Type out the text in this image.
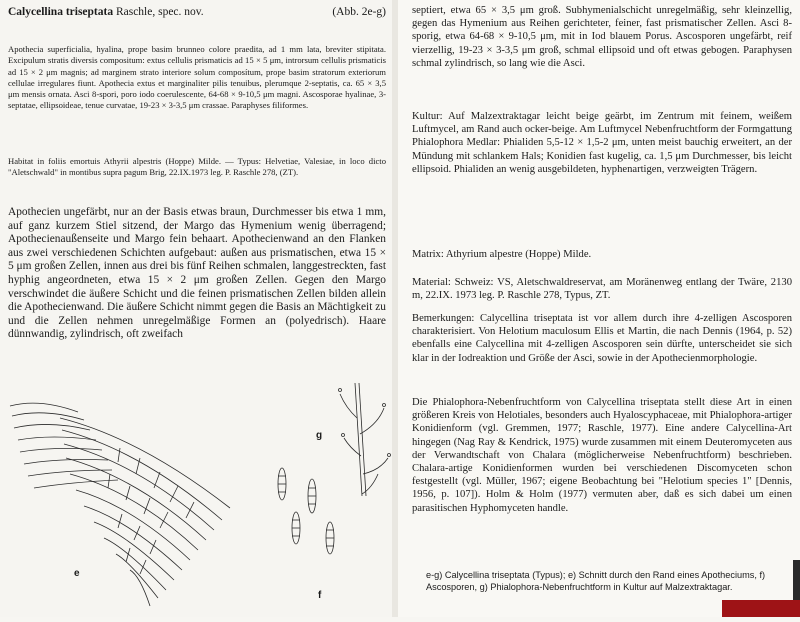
Calycellina triseptata Raschle, spec. nov.	(Abb. 2e-g)
Apothecia superficialia, hyalina, prope basim brunneo colore praedita, ad 1 mm lata, breviter stipitata. Excipulum stratis diversis compositum: extus cellulis prismaticis ad 15 × 5 μm, introrsum cellulis prismaticis ad 15 × 2 μm magnis; ad marginem strato interiore solum composítum, prope basim stratorum exteriorum cellulae irregulares fiunt. Apothecia extus et marginaliter pilis tenuibus, plerumque 2-septatis, ca. 65 × 3,5 μm mensis ornata. Asci 8-spori, poro iodo coerulescente, 64-68 × 9-10,5 μm magni. Ascosporae hyalinae, 3-septatae, ellipsoideae, tenue curvatae, 19-23 × 3-3,5 μm crassae. Paraphyses filiformes.
Habitat in foliis emortuis Athyrii alpestris (Hoppe) Milde. — Typus: Helvetiae, Valesiae, in loco dicto "Aletschwald" in montibus supra pagum Brig, 22.IX.1973 leg. P. Raschle 278, (ZT).
Apothecien ungefärbt, nur an der Basis etwas braun, Durchmesser bis etwa 1 mm, auf ganz kurzem Stiel sitzend, der Margo das Hymenium wenig überragend; Apothecienaußenseite und Margo fein behaart. Apothecienwand an den Flanken aus zwei verschiedenen Schichten aufgebaut: außen aus prismatischen, etwa 15 × 5 μm großen Zellen, innen aus drei bis fünf Reihen schmalen, langgestreckten, fast hyphig angeordneten, etwa 15 × 2 μm großen Zellen. Gegen den Margo verschwindet die äußere Schicht und die feinen prismatischen Zellen bilden allein die Apothecienwand. Die äußere Schicht nimmt gegen die Basis an Mächtigkeit zu und die Zellen nehmen unregelmäßige Formen an (polyedrisch). Haare dünnwandig, zylindrisch, oft zweifach
e
f
g
septiert, etwa 65 × 3,5 μm groß. Subhymenialschicht unregelmäßig, sehr kleinzellig, gegen das Hymenium aus Reihen gerichteter, feiner, fast prismatischer Zellen. Asci 8-sporig, etwa 64-68 × 9-10,5 μm, mit in Iod blauem Porus. Ascosporen ungefärbt, reif vierzellig, 19-23 × 3-3,5 μm groß, schmal ellipsoid und oft etwas gebogen. Paraphysen schmal zylindrisch, so lang wie die Asci.
Kultur: Auf Malzextraktagar leicht beige geärbt, im Zentrum mit feinem, weißem Luftmycel, am Rand auch ocker-beige. Am Luftmycel Nebenfruchtform der Formgattung Phialophora Medlar: Phialiden 5,5-12 × 1,5-2 μm, unten meist bauchig erweitert, an der Mündung mit schlankem Hals; Konidien fast kugelig, ca. 1,5 μm Durchmesser, bis leicht ellipsoid. Phialiden an wenig ausgebildeten, hyphenartigen, verzweigten Trägern.
Matrix: Athyrium alpestre (Hoppe) Milde.
Material: Schweiz: VS, Aletschwaldreservat, am Moränenweg entlang der Twäre, 2130 m, 22.IX. 1973 leg. P. Raschle 278, Typus, ZT.
Bemerkungen: Calycellina triseptata ist vor allem durch ihre 4-zelligen Ascosporen charakterisiert. Von Helotium maculosum Ellis et Martin, die nach Dennis (1964, p. 52) ebenfalls eine Calycellina mit 4-zelligen Ascosporen sein dürfte, unterscheidet sie sich klar in der Iodreaktion und Größe der Asci, sowie in der Apothecienmorphologie.
Die Phialophora-Nebenfruchtform von Calycellina triseptata stellt diese Art in einen größeren Kreis von Helotiales, besonders auch Hyaloscyphaceae, mit Phialophora-artiger Konidienform (vgl. Gremmen, 1977; Raschle, 1977). Eine andere Calycellina-Art hingegen (Nag Ray & Kendrick, 1975) wurde zusammen mit einem Deuteromyceten aus der Verwandtschaft von Chalara (möglicherweise Nebenfruchtform) beschrieben. Chalara-artige Konidienformen wurden bei verschiedenen Discomyceten schon festgestellt (vgl. Müller, 1967; eigene Beobachtung bei "Helotium species 1" [Dennis, 1956, p. 107]). Holm & Holm (1977) vermuten aber, daß es sich dabei um einen parasitischen Hyphomyceten handle.
e-g) Calycellina triseptata (Typus); e) Schnitt durch den Rand eines Apotheciums, f) Ascosporen, g) Phialophora-Nebenfruchtform in Kultur auf Malzextraktagar.
